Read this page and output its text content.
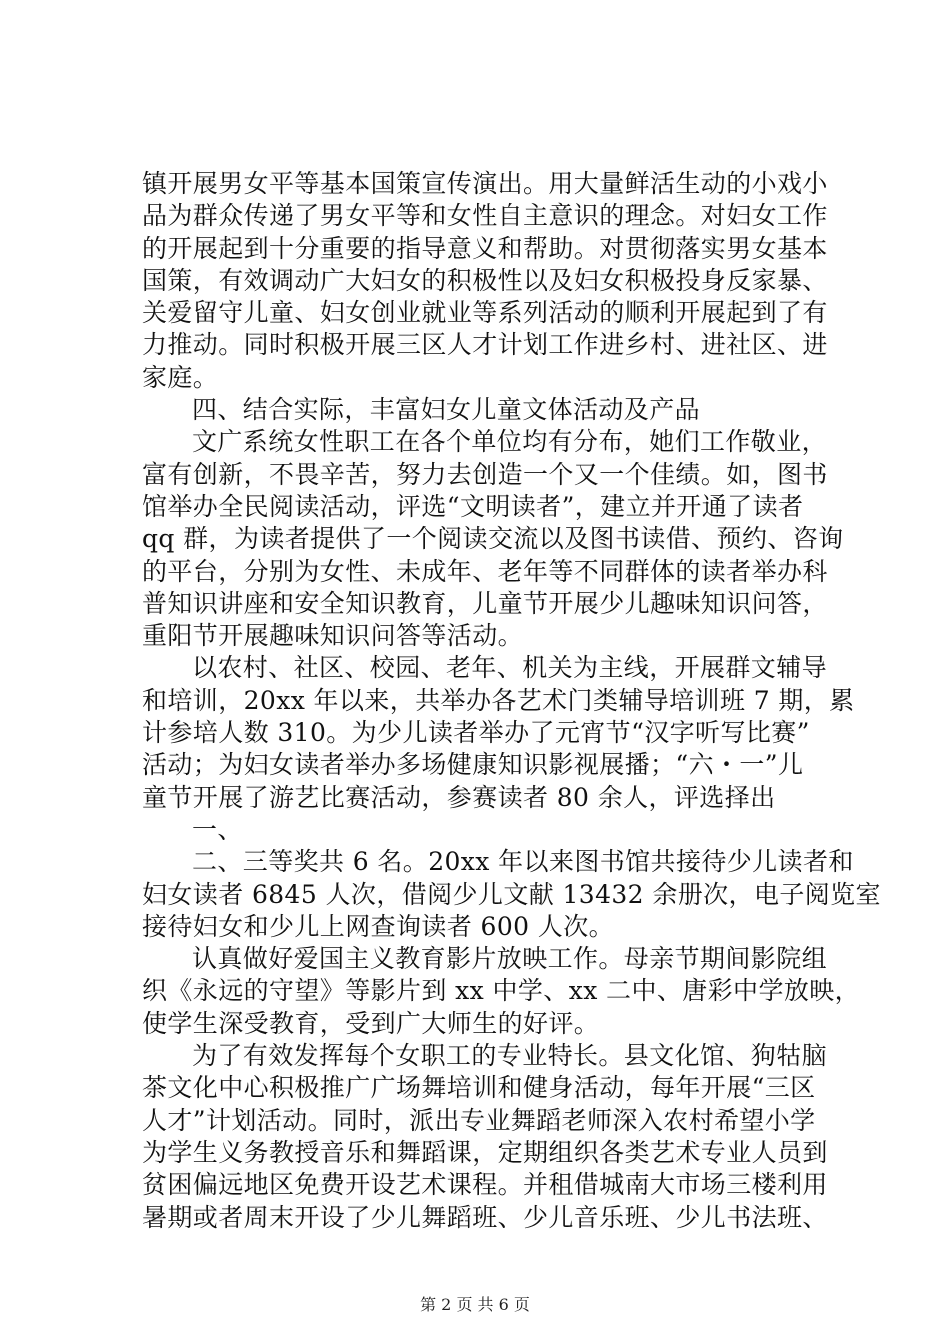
镇开展男女平等基本国策宣传演出。用大量鲜活生动的小戏小
品为群众传递了男女平等和女性自主意识的理念。对妇女工作
的开展起到十分重要的指导意义和帮助。对贯彻落实男女基本
国策，有效调动广大妇女的积极性以及妇女积极投身反家暴、
关爱留守儿童、妇女创业就业等系列活动的顺利开展起到了有
力推动。同时积极开展三区人才计划工作进乡村、进社区、进
家庭。
四、结合实际，丰富妇女儿童文体活动及产品
文广系统女性职工在各个单位均有分布，她们工作敬业，
富有创新，不畏辛苦，努力去创造一个又一个佳绩。如，图书
馆举办全民阅读活动，评选“文明读者”，建立并开通了读者
qq 群，为读者提供了一个阅读交流以及图书读借、预约、咨询
的平台，分别为女性、未成年、老年等不同群体的读者举办科
普知识讲座和安全知识教育，儿童节开展少儿趣味知识问答，
重阳节开展趣味知识问答等活动。
以农村、社区、校园、老年、机关为主线，开展群文辅导
和培训，20xx 年以来，共举办各艺术门类辅导培训班 7 期，累
计参培人数 310。为少儿读者举办了元宵节“汉字听写比赛”
活动；为妇女读者举办多场健康知识影视展播；“六・一”儿
童节开展了游艺比赛活动，参赛读者 80 余人，评选择出
一、
二、三等奖共 6 名。20xx 年以来图书馆共接待少儿读者和
妇女读者 6845 人次，借阅少儿文献 13432 余册次，电子阅览室
接待妇女和少儿上网查询读者 600 人次。
认真做好爱国主义教育影片放映工作。母亲节期间影院组
织《永远的守望》等影片到 xx 中学、xx 二中、唐彩中学放映，
使学生深受教育，受到广大师生的好评。
为了有效发挥每个女职工的专业特长。县文化馆、狗牯脑
茶文化中心积极推广广场舞培训和健身活动，每年开展“三区
人才”计划活动。同时，派出专业舞蹈老师深入农村希望小学
为学生义务教授音乐和舞蹈课，定期组织各类艺术专业人员到
贫困偏远地区免费开设艺术课程。并租借城南大市场三楼利用
暑期或者周末开设了少儿舞蹈班、少儿音乐班、少儿书法班、
第 2 页 共 6 页
